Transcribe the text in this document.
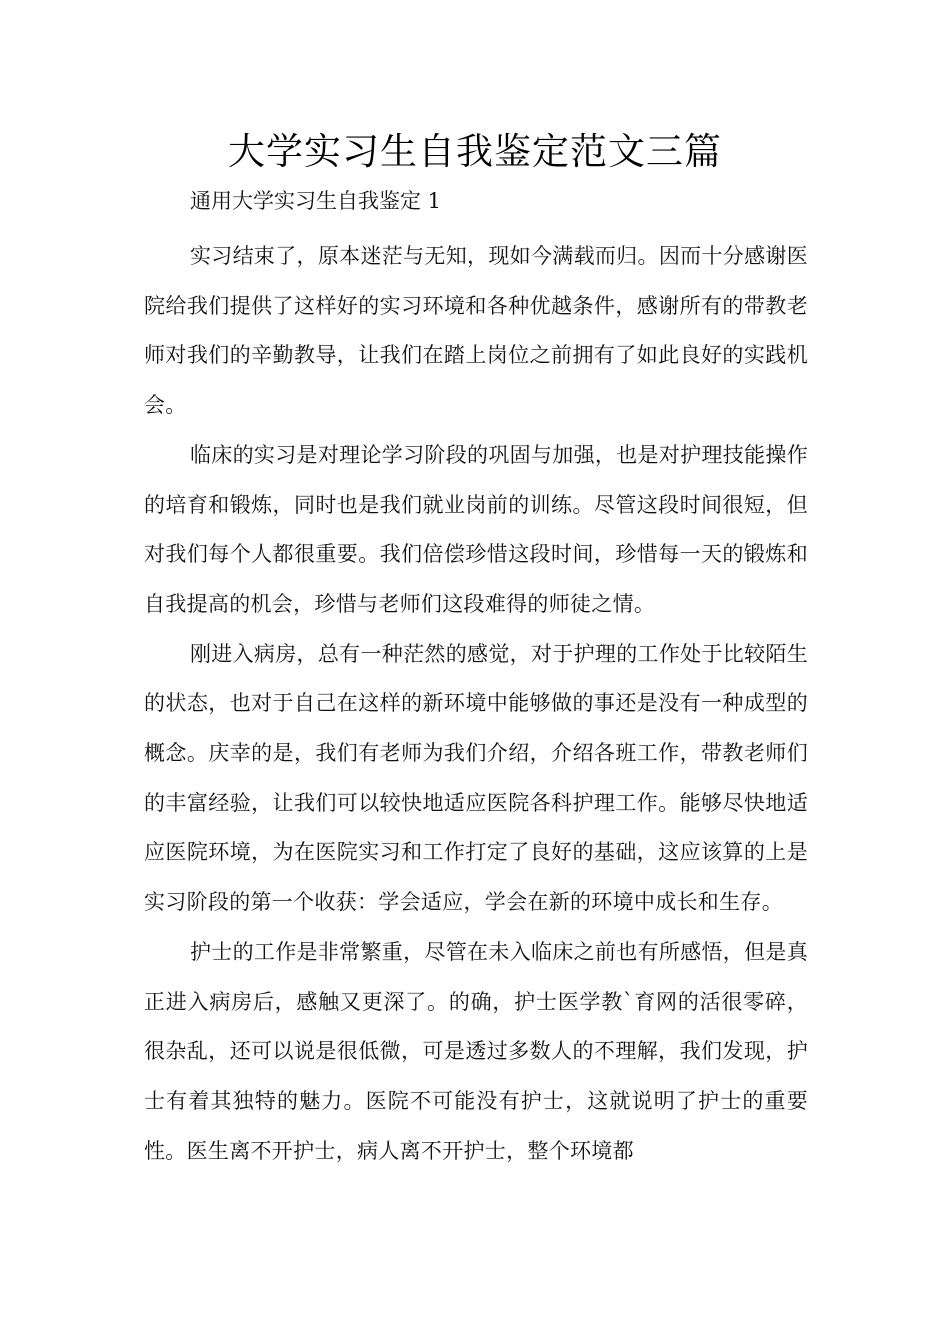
大学实习生自我鉴定范文三篇

通用大学实习生自我鉴定 1

实习结束了，原本迷茫与无知，现如今满载而归。因而十分感谢医院给我们提供了这样好的实习环境和各种优越条件，感谢所有的带教老师对我们的辛勤教导，让我们在踏上岗位之前拥有了如此良好的实践机会。

临床的实习是对理论学习阶段的巩固与加强，也是对护理技能操作的培育和锻炼，同时也是我们就业岗前的训练。尽管这段时间很短，但对我们每个人都很重要。我们倍偿珍惜这段时间，珍惜每一天的锻炼和自我提高的机会，珍惜与老师们这段难得的师徒之情。

刚进入病房，总有一种茫然的感觉，对于护理的工作处于比较陌生的状态，也对于自己在这样的新环境中能够做的事还是没有一种成型的概念。庆幸的是，我们有老师为我们介绍，介绍各班工作，带教老师们的丰富经验，让我们可以较快地适应医院各科护理工作。能够尽快地适应医院环境，为在医院实习和工作打定了良好的基础，这应该算的上是实习阶段的第一个收获：学会适应，学会在新的环境中成长和生存。

护士的工作是非常繁重，尽管在未入临床之前也有所感悟，但是真正进入病房后，感触又更深了。的确，护士医学教`育网的活很零碎，很杂乱，还可以说是很低微，可是透过多数人的不理解，我们发现，护士有着其独特的魅力。医院不可能没有护士，这就说明了护士的重要性。医生离不开护士，病人离不开护士，整个环境都
